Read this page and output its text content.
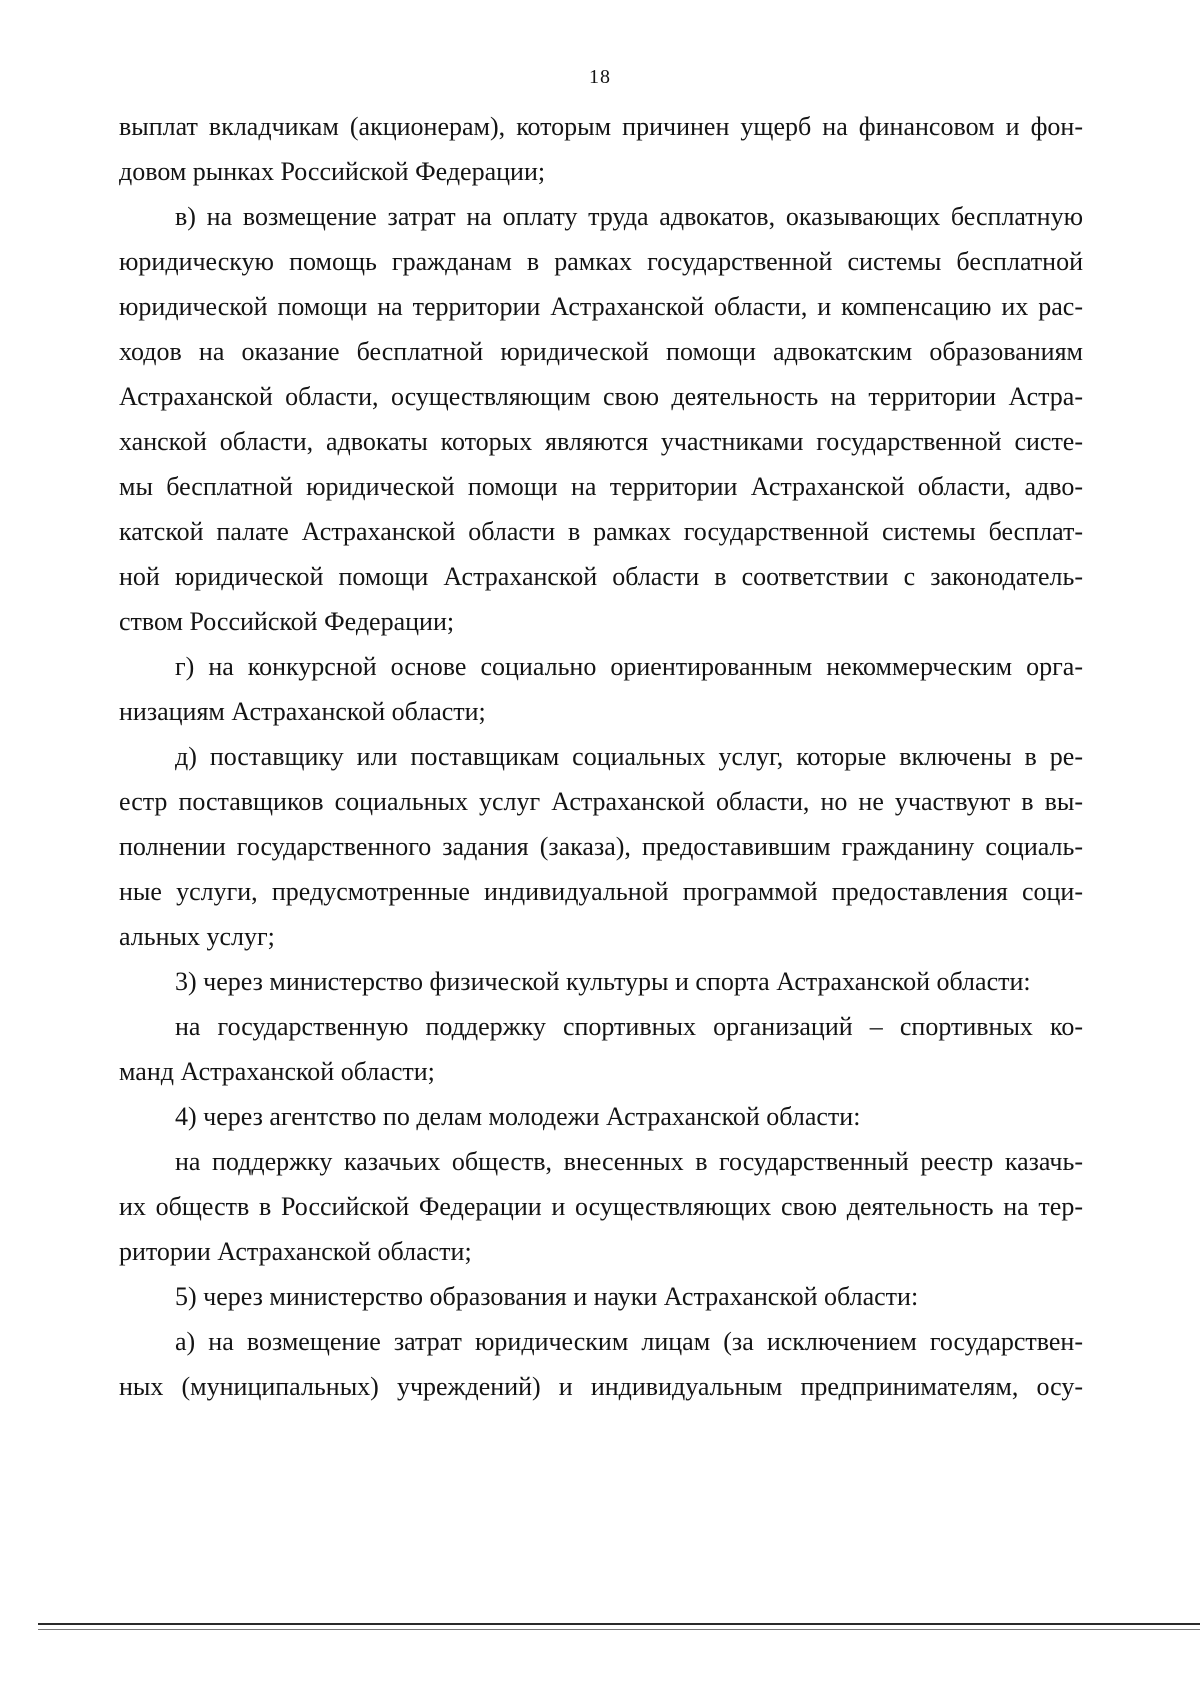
18

выплат вкладчикам (акционерам), которым причинен ущерб на финансовом и фон-
довом рынках Российской Федерации;

в) на возмещение затрат на оплату труда адвокатов, оказывающих бесплатную
юридическую помощь гражданам в рамках государственной системы бесплатной
юридической помощи на территории Астраханской области, и компенсацию их рас-
ходов на оказание бесплатной юридической помощи адвокатским образованиям
Астраханской области, осуществляющим свою деятельность на территории Астра-
ханской области, адвокаты которых являются участниками государственной систе-
мы бесплатной юридической помощи на территории Астраханской области, адво-
катской палате Астраханской области в рамках государственной системы бесплат-
ной юридической помощи Астраханской области в соответствии с законодатель-
ством Российской Федерации;

г) на конкурсной основе социально ориентированным некоммерческим орга-
низациям Астраханской области;

д) поставщику или поставщикам социальных услуг, которые включены в ре-
естр поставщиков социальных услуг Астраханской области, но не участвуют в вы-
полнении государственного задания (заказа), предоставившим гражданину социаль-
ные услуги, предусмотренные индивидуальной программой предоставления соци-
альных услуг;

3) через министерство физической культуры и спорта Астраханской области:

на государственную поддержку спортивных организаций – спортивных ко-
манд Астраханской области;

4) через агентство по делам молодежи Астраханской области:

на поддержку казачьих обществ, внесенных в государственный реестр казачь-
их обществ в Российской Федерации и осуществляющих свою деятельность на тер-
ритории Астраханской области;

5) через министерство образования и науки Астраханской области:

а) на возмещение затрат юридическим лицам (за исключением государствен-
ных (муниципальных) учреждений) и индивидуальным предпринимателям, осу-
